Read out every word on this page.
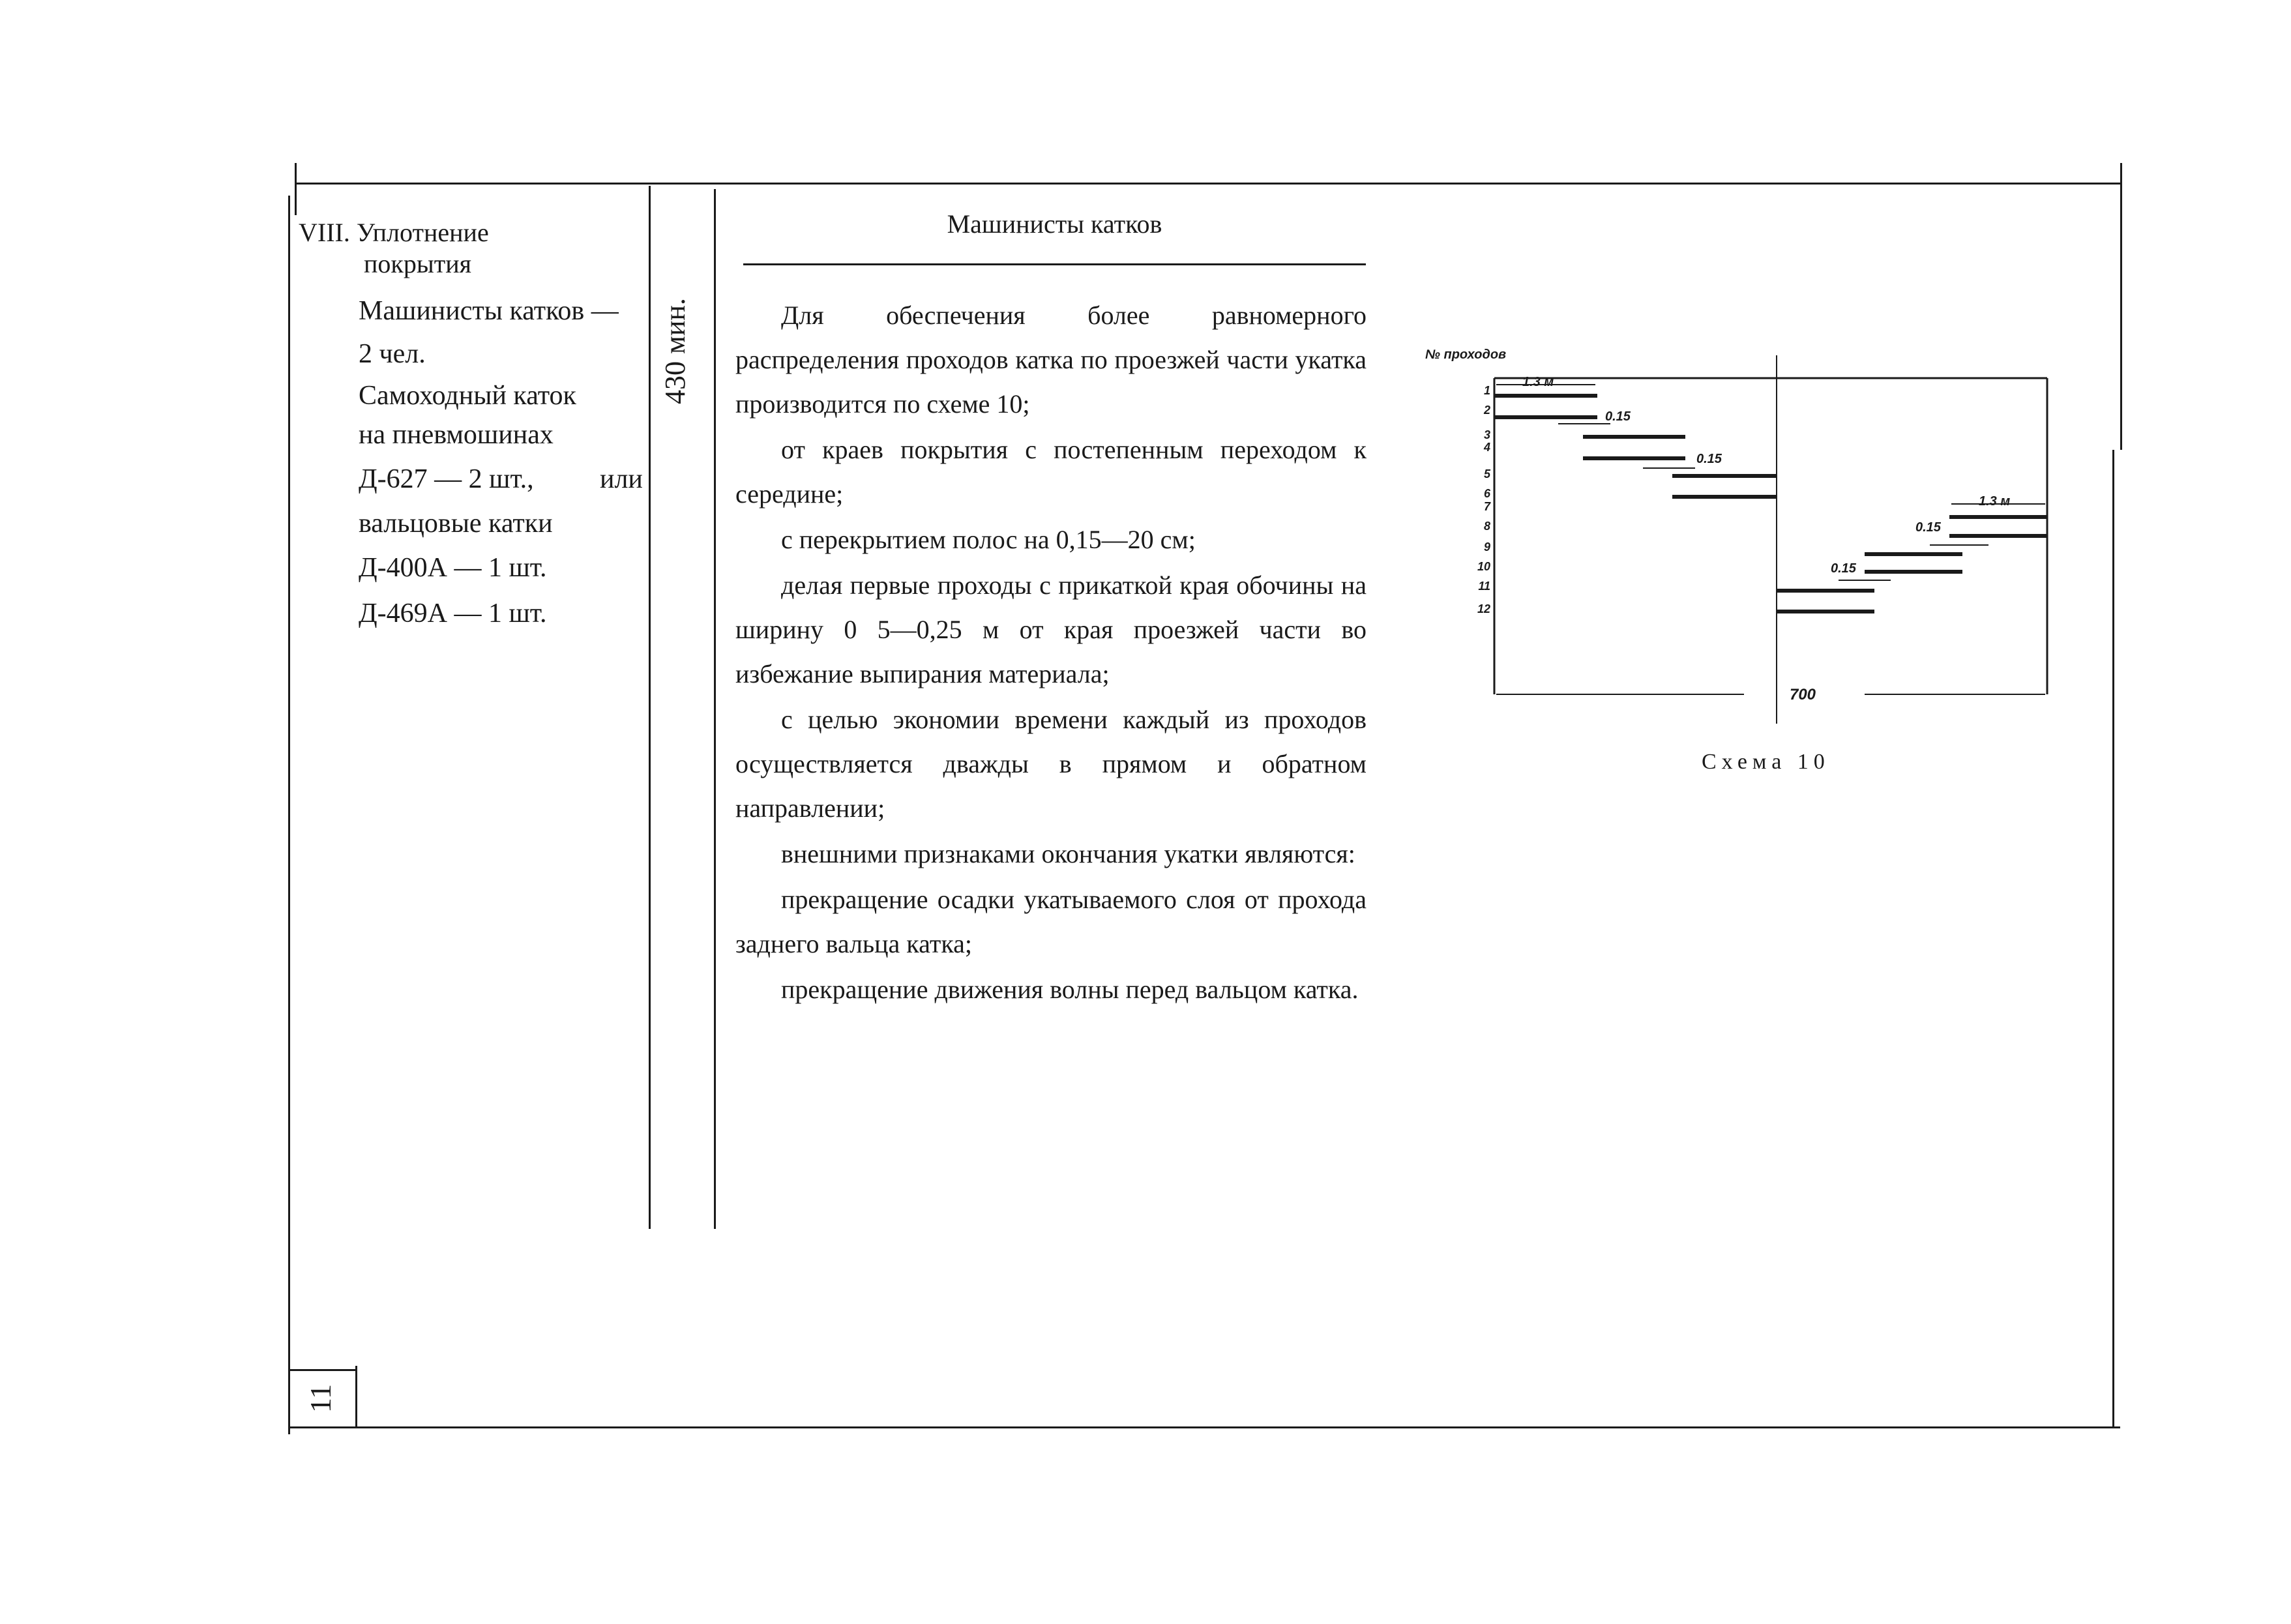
VIII. Уплотнение
покрытия
Машинисты катков —
2 чел.
Самоходный каток
на пневмошинах
Д-627 — 2 шт., или
вальцовые катки
Д-400А — 1 шт.
Д-469А — 1 шт.
430 мин.
Машинисты катков
Для обеспечения более равномерного распределения проходов катка по проезжей части укатка производится по схеме 10;
от краев покрытия с постепенным переходом к середине;
с перекрытием полос на 0,15—20 см;
делая первые проходы с прикаткой края обочины на ширину 0 5—0,25 м от края проезжей части во избежание выпирания материала;
с целью экономии времени каждый из проходов осуществляется дважды в прямом и обратном направлении;
внешними признаками окончания укатки являются:
прекращение осадки укатываемого слоя от прохода заднего вальца катка;
прекращение движения волны перед вальцом катка.
№ проходов
1
2
3
4
5
6
7
8
9
10
11
12
1.3 м
1.3 м
0.15
0.15
0.15
0.15
700
Схема 10
11
